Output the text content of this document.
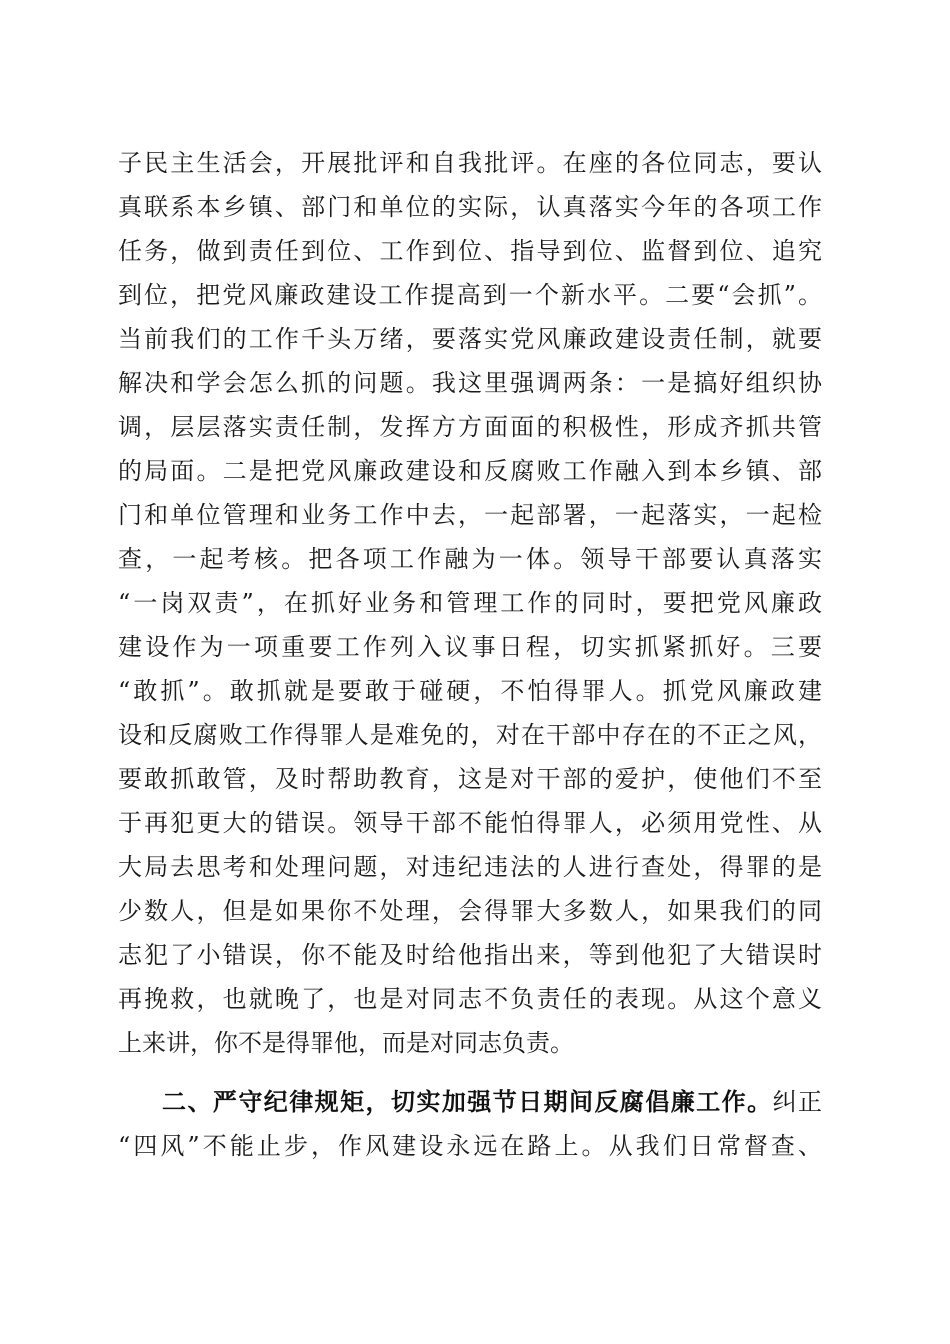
子民主生活会，开展批评和自我批评。在座的各位同志，要认
真联系本乡镇、部门和单位的实际，认真落实今年的各项工作
任务，做到责任到位、工作到位、指导到位、监督到位、追究
到位，把党风廉政建设工作提高到一个新水平。二要“会抓”。
当前我们的工作千头万绪，要落实党风廉政建设责任制，就要
解决和学会怎么抓的问题。我这里强调两条：一是搞好组织协
调，层层落实责任制，发挥方方面面的积极性，形成齐抓共管
的局面。二是把党风廉政建设和反腐败工作融入到本乡镇、部
门和单位管理和业务工作中去，一起部署，一起落实，一起检
查，一起考核。把各项工作融为一体。领导干部要认真落实
“一岗双责”，在抓好业务和管理工作的同时，要把党风廉政
建设作为一项重要工作列入议事日程，切实抓紧抓好。三要
“敢抓”。敢抓就是要敢于碰硬，不怕得罪人。抓党风廉政建
设和反腐败工作得罪人是难免的，对在干部中存在的不正之风，
要敢抓敢管，及时帮助教育，这是对干部的爱护，使他们不至
于再犯更大的错误。领导干部不能怕得罪人，必须用党性、从
大局去思考和处理问题，对违纪违法的人进行查处，得罪的是
少数人，但是如果你不处理，会得罪大多数人，如果我们的同
志犯了小错误，你不能及时给他指出来，等到他犯了大错误时
再挽救，也就晚了，也是对同志不负责任的表现。从这个意义
上来讲，你不是得罪他，而是对同志负责。
二、严守纪律规矩，切实加强节日期间反腐倡廉工作。纠正
“四风”不能止步，作风建设永远在路上。从我们日常督查、
